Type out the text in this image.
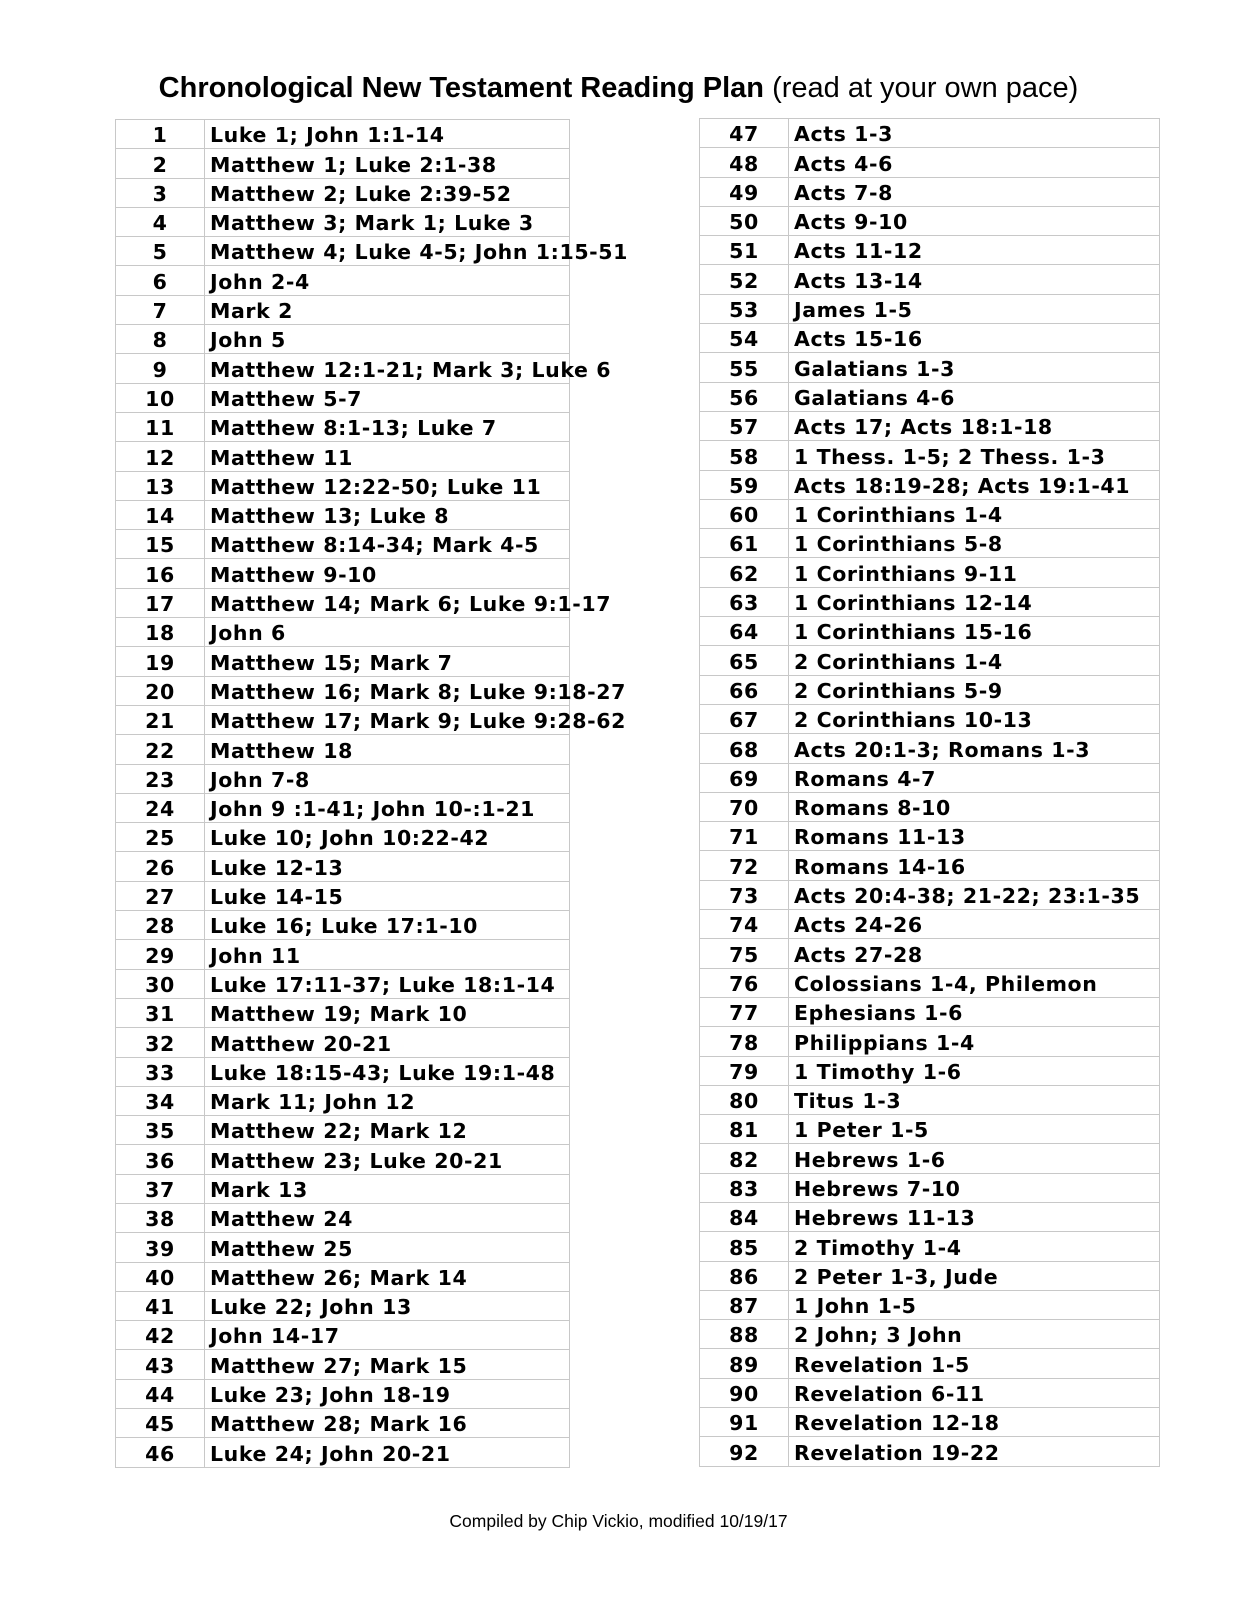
Chronological New Testament Reading Plan (read at your own pace)
1	Luke 1; John 1:1-14
2	Matthew 1; Luke 2:1-38
3	Matthew 2; Luke 2:39-52
4	Matthew 3; Mark 1; Luke 3
5	Matthew 4; Luke 4-5; John 1:15-51
6	John 2-4
7	Mark 2
8	John 5
9	Matthew 12:1-21; Mark 3; Luke 6
10	Matthew 5-7
11	Matthew 8:1-13; Luke 7
12	Matthew 11
13	Matthew 12:22-50; Luke 11
14	Matthew 13; Luke 8
15	Matthew 8:14-34; Mark 4-5
16	Matthew 9-10
17	Matthew 14; Mark 6; Luke 9:1-17
18	John 6
19	Matthew 15; Mark 7
20	Matthew 16; Mark 8; Luke 9:18-27
21	Matthew 17; Mark 9; Luke 9:28-62
22	Matthew 18
23	John 7-8
24	John 9 :1-41; John 10-:1-21
25	Luke 10; John 10:22-42
26	Luke 12-13
27	Luke 14-15
28	Luke 16; Luke 17:1-10
29	John 11
30	Luke 17:11-37; Luke 18:1-14
31	Matthew 19; Mark 10
32	Matthew 20-21
33	Luke 18:15-43; Luke 19:1-48
34	Mark 11; John 12
35	Matthew 22; Mark 12
36	Matthew 23; Luke 20-21
37	Mark 13
38	Matthew 24
39	Matthew 25
40	Matthew 26; Mark 14
41	Luke 22; John 13
42	John 14-17
43	Matthew 27; Mark 15
44	Luke 23; John 18-19
45	Matthew 28; Mark 16
46	Luke 24; John 20-21
47	Acts 1-3
48	Acts 4-6
49	Acts 7-8
50	Acts 9-10
51	Acts 11-12
52	Acts 13-14
53	James 1-5
54	Acts 15-16
55	Galatians 1-3
56	Galatians 4-6
57	Acts 17; Acts 18:1-18
58	1 Thess. 1-5; 2 Thess. 1-3
59	Acts 18:19-28; Acts 19:1-41
60	1 Corinthians 1-4
61	1 Corinthians 5-8
62	1 Corinthians 9-11
63	1 Corinthians 12-14
64	1 Corinthians 15-16
65	2 Corinthians 1-4
66	2 Corinthians 5-9
67	2 Corinthians 10-13
68	Acts 20:1-3; Romans 1-3
69	Romans 4-7
70	Romans 8-10
71	Romans 11-13
72	Romans 14-16
73	Acts 20:4-38; 21-22; 23:1-35
74	Acts 24-26
75	Acts 27-28
76	Colossians 1-4, Philemon
77	Ephesians 1-6
78	Philippians 1-4
79	1 Timothy 1-6
80	Titus 1-3
81	1 Peter 1-5
82	Hebrews 1-6
83	Hebrews 7-10
84	Hebrews 11-13
85	2 Timothy 1-4
86	2 Peter 1-3, Jude
87	1 John 1-5
88	2 John; 3 John
89	Revelation 1-5
90	Revelation 6-11
91	Revelation 12-18
92	Revelation 19-22
Compiled by Chip Vickio, modified 10/19/17
